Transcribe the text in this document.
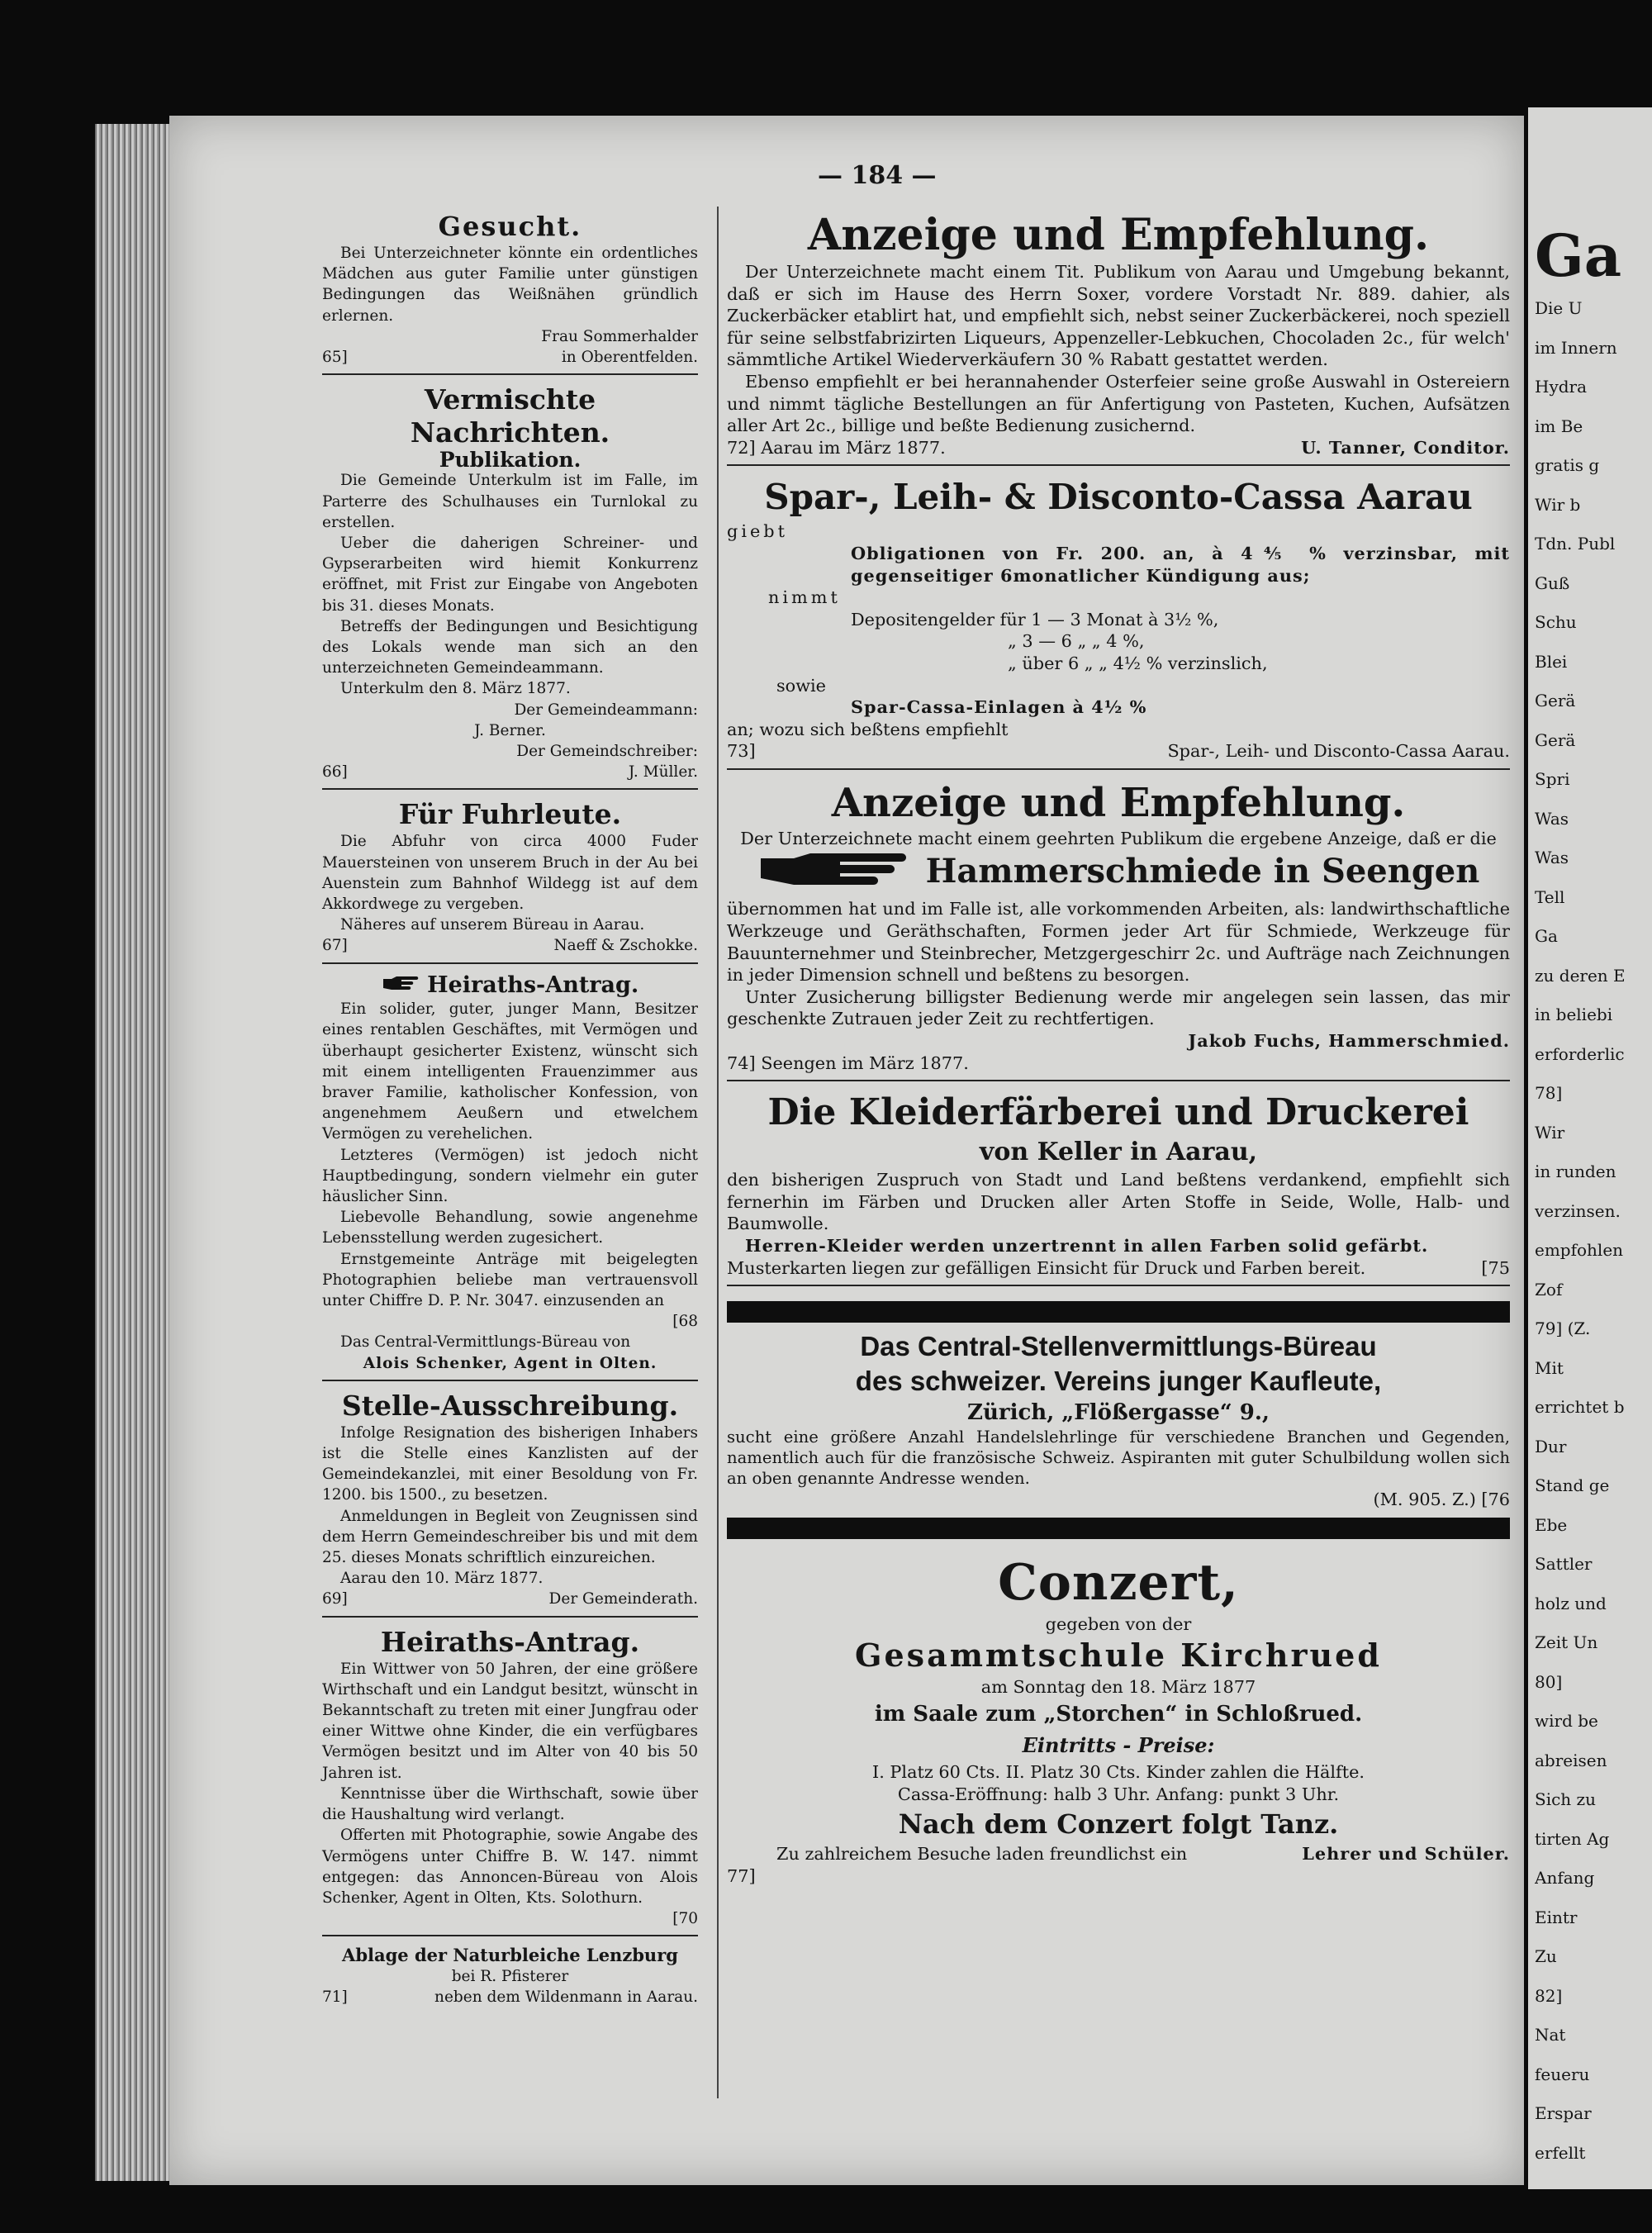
— 184 —
Gesucht.

Bei Unterzeichneter könnte ein ordentliches Mädchen aus guter Familie unter günstigen Bedingungen das Weißnähen gründlich erlernen.

Frau Sommerhalder
65]	in Oberentfelden.
Vermischte Nachrichten.
Publikation.

Die Gemeinde Unterkulm ist im Falle, im Parterre des Schulhauses ein Turnlokal zu erstellen.

Ueber die daherigen Schreiner- und Gypserarbeiten wird hiemit Konkurrenz eröffnet, mit Frist zur Eingabe von Angeboten bis 31. dieses Monats.

Betreffs der Bedingungen und Besichtigung des Lokals wende man sich an den unterzeichneten Gemeindeammann.

Unterkulm den 8. März 1877.

Der Gemeindeammann:
J. Berner.
Der Gemeindschreiber:
66]	J. Müller.
Für Fuhrleute.

Die Abfuhr von circa 4000 Fuder Mauersteinen von unserem Bruch in der Au bei Auenstein zum Bahnhof Wildegg ist auf dem Akkordwege zu vergeben.

Näheres auf unserem Büreau in Aarau.

67]	Naeff & Zschokke.
Heiraths-Antrag.

Ein solider, guter, junger Mann, Besitzer eines rentablen Geschäftes, mit Vermögen und überhaupt gesicherter Existenz, wünscht sich mit einem intelligenten Frauenzimmer aus braver Familie, katholischer Konfession, von angenehmem Aeußern und etwelchem Vermögen zu verehelichen.

Letzteres (Vermögen) ist jedoch nicht Hauptbedingung, sondern vielmehr ein guter häuslicher Sinn.

Liebevolle Behandlung, sowie angenehme Lebensstellung werden zugesichert.

Ernstgemeinte Anträge mit beigelegten Photographien beliebe man vertrauensvoll unter Chiffre D. P. Nr. 3047. einzusenden an

[68

Das Central-Vermittlungs-Büreau von

Alois Schenker, Agent in Olten.
Stelle-Ausschreibung.

Infolge Resignation des bisherigen Inhabers ist die Stelle eines Kanzlisten auf der Gemeindekanzlei, mit einer Besoldung von Fr. 1200. bis 1500., zu besetzen.

Anmeldungen in Begleit von Zeugnissen sind dem Herrn Gemeindeschreiber bis und mit dem 25. dieses Monats schriftlich einzureichen.

Aarau den 10. März 1877.

69]	Der Gemeinderath.
Heiraths-Antrag.

Ein Wittwer von 50 Jahren, der eine größere Wirthschaft und ein Landgut besitzt, wünscht in Bekanntschaft zu treten mit einer Jungfrau oder einer Wittwe ohne Kinder, die ein verfügbares Vermögen besitzt und im Alter von 40 bis 50 Jahren ist.

Kenntnisse über die Wirthschaft, sowie über die Haushaltung wird verlangt.

Offerten mit Photographie, sowie Angabe des Vermögens unter Chiffre B. W. 147. nimmt entgegen: das Annoncen-Büreau von Alois Schenker, Agent in Olten, Kts. Solothurn.

[70
Ablage der Naturbleiche Lenzburg
bei R. Pfisterer
71]	neben dem Wildenmann in Aarau.
Anzeige und Empfehlung.

Der Unterzeichnete macht einem Tit. Publikum von Aarau und Umgebung bekannt, daß er sich im Hause des Herrn Soxer, vordere Vorstadt Nr. 889. dahier, als Zuckerbäcker etablirt hat, und empfiehlt sich, nebst seiner Zuckerbäckerei, noch speziell für seine selbstfabrizirten Liqueurs, Appenzeller-Lebkuchen, Chocoladen 2c., für welch' sämmtliche Artikel Wiederverkäufern 30 % Rabatt gestattet werden.

Ebenso empfiehlt er bei herannahender Osterfeier seine große Auswahl in Ostereiern und nimmt tägliche Bestellungen an für Anfertigung von Pasteten, Kuchen, Aufsätzen aller Art 2c., billige und beßte Bedienung zusichernd.

72] Aarau im März 1877.	U. Tanner, Conditor.
Spar-, Leih- & Disconto-Cassa Aarau
giebt

Obligationen von Fr. 200. an, à 4⅘ % verzinsbar, mit gegenseitiger 6monatlicher Kündigung aus;

nimmt
Depositengelder für 1 — 3 Monat à 3½ %,
„ 3 — 6 „ „ 4 %,
„ über 6 „ „ 4½ % verzinslich,
sowie
Spar-Cassa-Einlagen à 4½ %
an; wozu sich beßtens empfiehlt
73]	Spar-, Leih- und Disconto-Cassa Aarau.
Anzeige und Empfehlung.

Der Unterzeichnete macht einem geehrten Publikum die ergebene Anzeige, daß er die

Hammerschmiede in Seengen

übernommen hat und im Falle ist, alle vorkommenden Arbeiten, als: landwirthschaftliche Werkzeuge und Geräthschaften, Formen jeder Art für Schmiede, Werkzeuge für Bauunternehmer und Steinbrecher, Metzgergeschirr 2c. und Aufträge nach Zeichnungen in jeder Dimension schnell und beßtens zu besorgen.

Unter Zusicherung billigster Bedienung werde mir angelegen sein lassen, das mir geschenkte Zutrauen jeder Zeit zu rechtfertigen.

Jakob Fuchs, Hammerschmied.
74] Seengen im März 1877.
Die Kleiderfärberei und Druckerei
von Keller in Aarau,

den bisherigen Zuspruch von Stadt und Land beßtens verdankend, empfiehlt sich fernerhin im Färben und Drucken aller Arten Stoffe in Seide, Wolle, Halb- und Baumwolle.

Herren-Kleider werden unzertrennt in allen Farben solid gefärbt.

Musterkarten liegen zur gefälligen Einsicht für Druck und Farben bereit.	[75
Das Central-Stellenvermittlungs-Büreau
des schweizer. Vereins junger Kaufleute,
Zürich, „Flößergasse“ 9.,

sucht eine größere Anzahl Handelslehrlinge für verschiedene Branchen und Gegenden, namentlich auch für die französische Schweiz. Aspiranten mit guter Schulbildung wollen sich an oben genannte Andresse wenden.

(M. 905. Z.) [76
Conzert,
gegeben von der
Gesammtschule Kirchrued
am Sonntag den 18. März 1877
im Saale zum „Storchen“ in Schloßrued.
Eintritts - Preise:
I. Platz 60 Cts. II. Platz 30 Cts. Kinder zahlen die Hälfte.
Cassa-Eröffnung: halb 3 Uhr. Anfang: punkt 3 Uhr.
Nach dem Conzert folgt Tanz.
Zu zahlreichem Besuche laden freundlichst ein	Lehrer und Schüler.
77]
Ga
Die U
im Innern
Hydra
im Be
gratis g
Wir b
Tdn. Publ
Guß
Schu
Blei
Gerä
Gerä
Spri
Was
Was
Tell
Ga
zu deren E
in beliebi
erforderlic
78]
Wir
in runden
verzinsen.
empfohlen
Zof
79] (Z.
Mit
errichtet b
Dur
Stand ge
Ebe
Sattler
holz und
Zeit Un
80]
wird be
abreisen
Sich zu
tirten Ag
Anfang
Eintr
Zu
82]
Nat
feueru
Erspar
erfellt
